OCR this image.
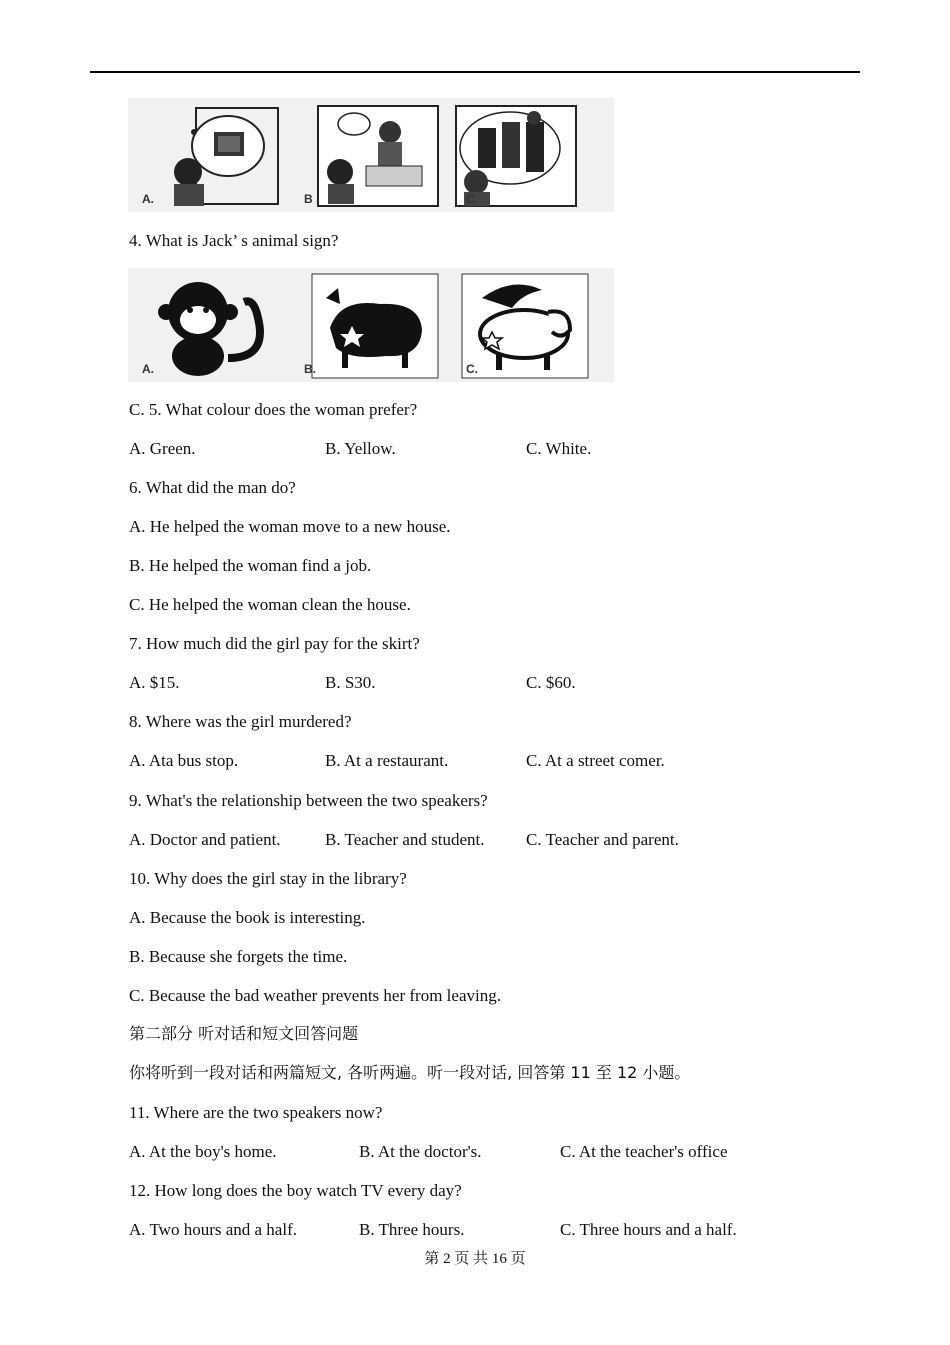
A.	B .	C.
4. What is Jack’ s animal sign?
A.	B.	C.
C. 5. What colour does the woman prefer?
A. Green.	B. Yellow.	C. White.
6. What did the man do?
A. He helped the woman move to a new house.
B. He helped the woman find a job.
C. He helped the woman clean the house.
7. How much did the girl pay for the skirt?
A. $15.	B. S30.	C. $60.
8. Where was the girl murdered?
A. Ata bus stop.	B. At a restaurant.	C. At a street comer.
9. What's the relationship between the two speakers?
A. Doctor and patient.	B. Teacher and student. C. Teacher and parent.
10. Why does the girl stay in the library?
A. Because the book is interesting.
B. Because she forgets the time.
C. Because the bad weather prevents her from leaving.
第二部分 听对话和短文回答问题
你将听到一段对话和两篇短文, 各听两遍。听一段对话, 回答第 11 至 12 小题。
11. Where are the two speakers now?
A. At the boy's home.	B. At the doctor's.	C. At the teacher's office
12. How long does the boy watch TV every day?
A. Two hours and a half.	B. Three hours.	C. Three hours and a half.
第 2 页 共 16 页
